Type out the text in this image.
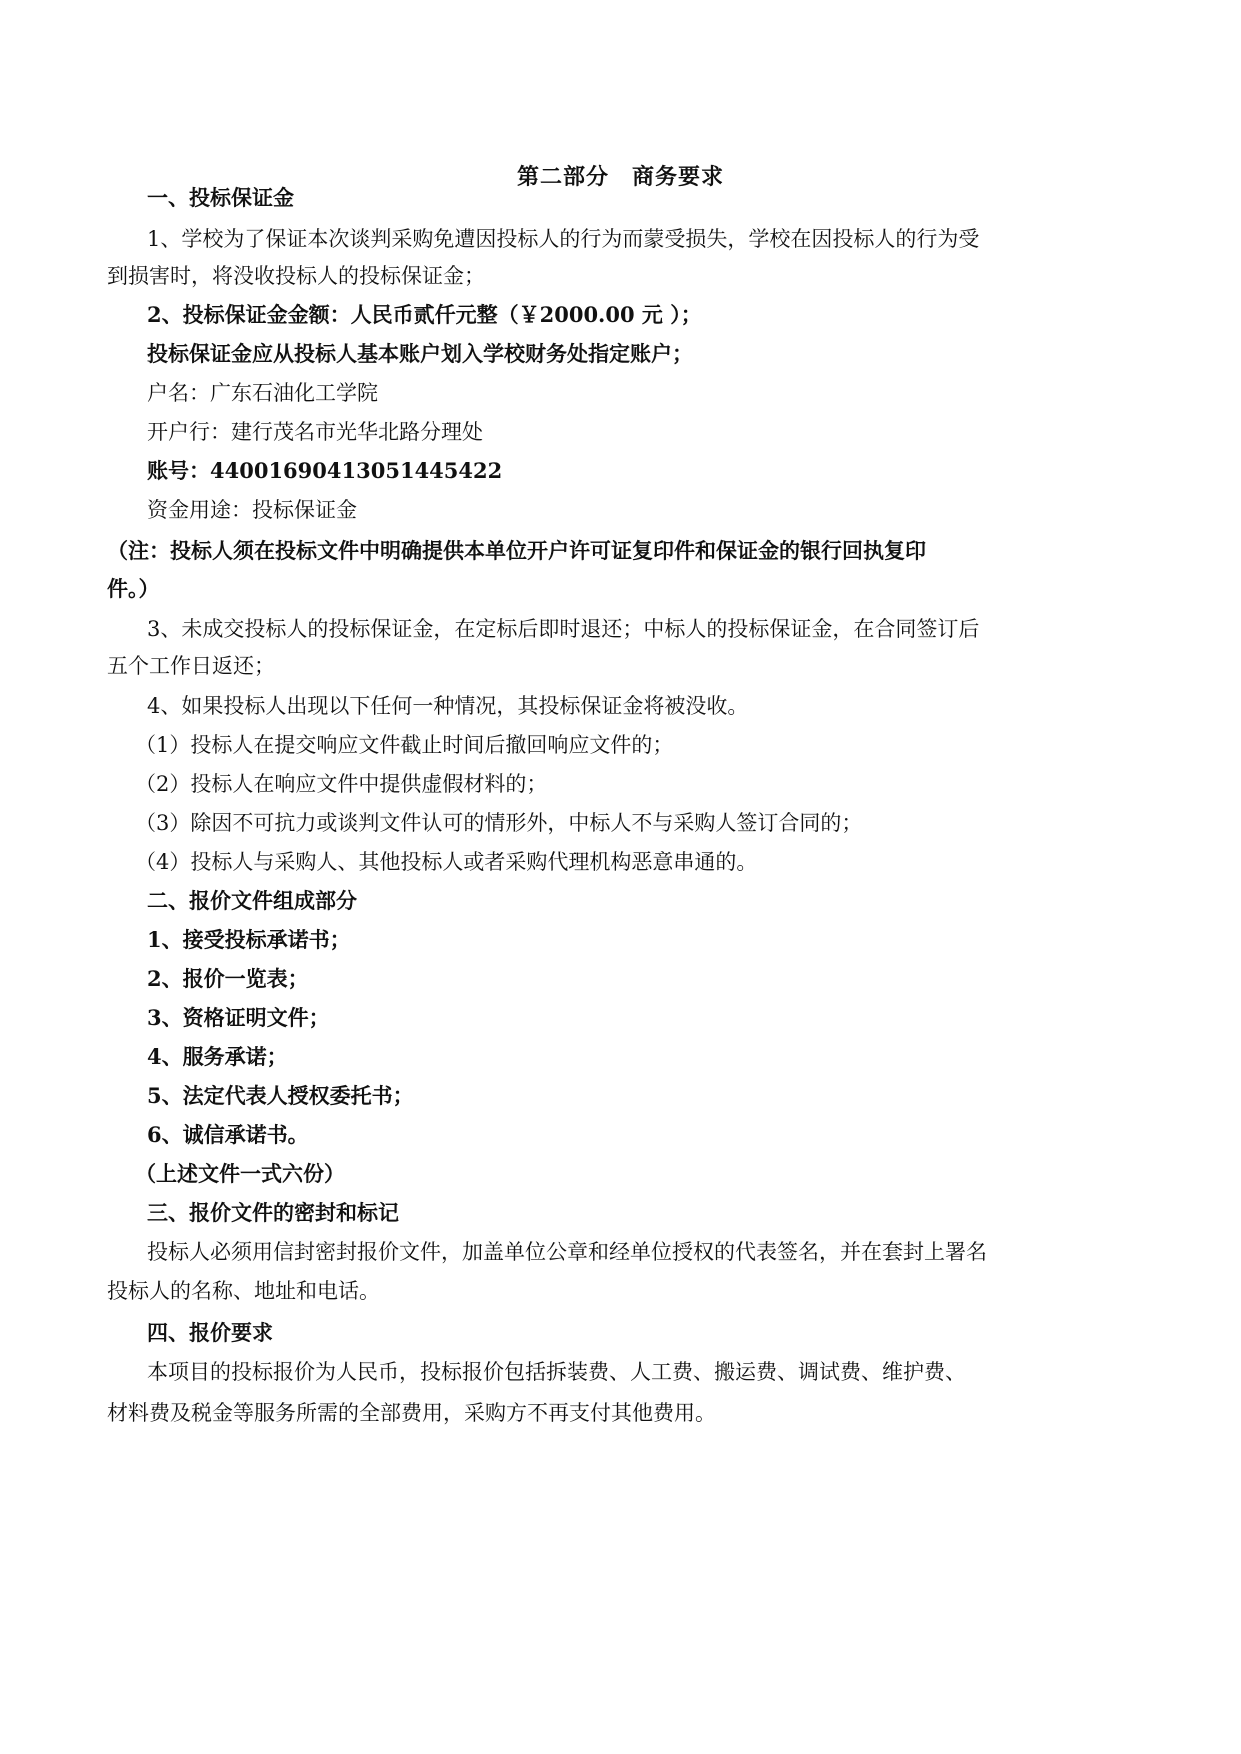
第二部分　商务要求
一、投标保证金
1、学校为了保证本次谈判采购免遭因投标人的行为而蒙受损失，学校在因投标人的行为受
到损害时，将没收投标人的投标保证金；
2、投标保证金金额：人民币贰仟元整（￥2000.00 元 ）；
投标保证金应从投标人基本账户划入学校财务处指定账户；
户名：广东石油化工学院
开户行：建行茂名市光华北路分理处
账号：44001690413051445422
资金用途：投标保证金
（注：投标人须在投标文件中明确提供本单位开户许可证复印件和保证金的银行回执复印
件。）
3、未成交投标人的投标保证金，在定标后即时退还；中标人的投标保证金，在合同签订后
五个工作日返还；
4、如果投标人出现以下任何一种情况，其投标保证金将被没收。
（1）投标人在提交响应文件截止时间后撤回响应文件的；
（2）投标人在响应文件中提供虚假材料的；
（3）除因不可抗力或谈判文件认可的情形外，中标人不与采购人签订合同的；
（4）投标人与采购人、其他投标人或者采购代理机构恶意串通的。
二、报价文件组成部分
1、接受投标承诺书；
2、报价一览表；
3、资格证明文件；
4、服务承诺；
5、法定代表人授权委托书；
6、诚信承诺书。
（上述文件一式六份）
三、报价文件的密封和标记
投标人必须用信封密封报价文件，加盖单位公章和经单位授权的代表签名，并在套封上署名
投标人的名称、地址和电话。
四、报价要求
本项目的投标报价为人民币，投标报价包括拆装费、人工费、搬运费、调试费、维护费、
材料费及税金等服务所需的全部费用，采购方不再支付其他费用。
